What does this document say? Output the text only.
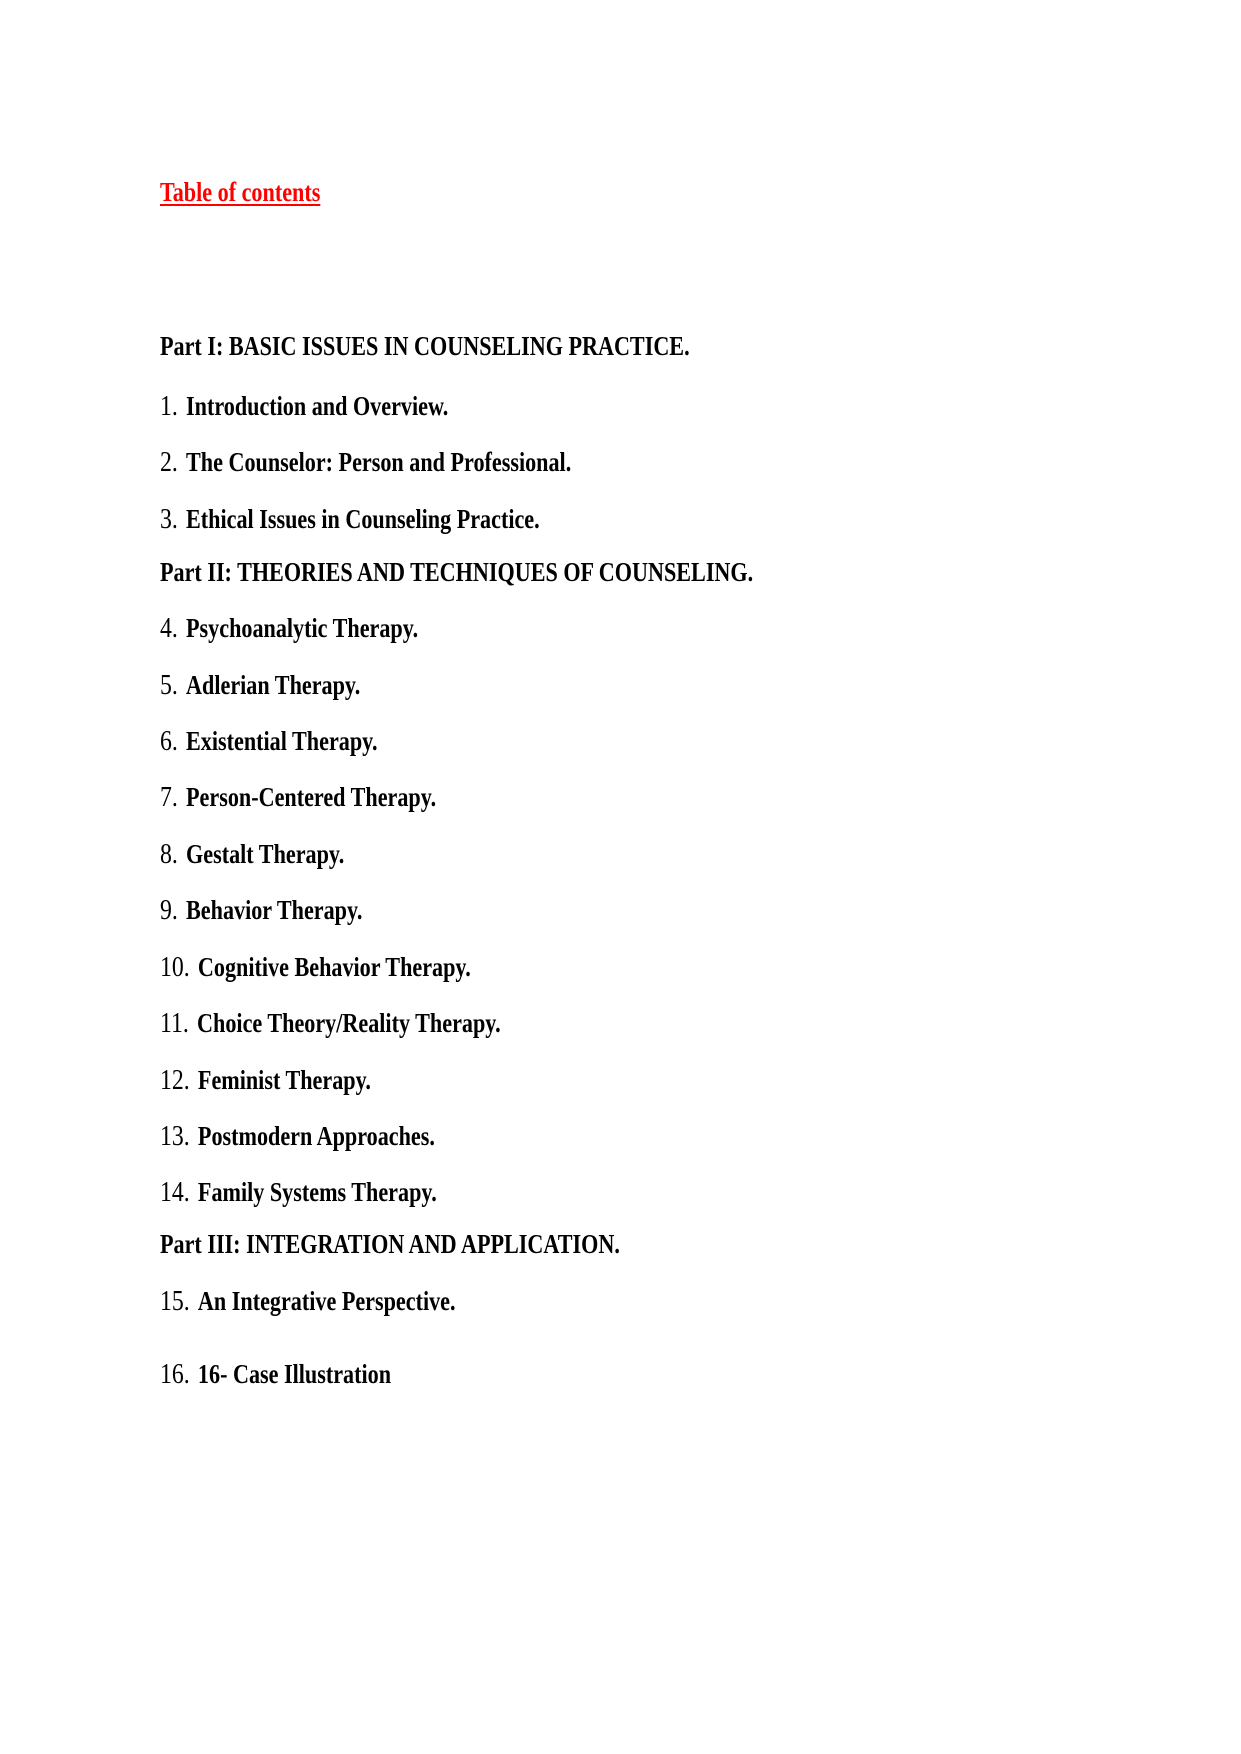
Table of contents
Part I: BASIC ISSUES IN COUNSELING PRACTICE.
1. Introduction and Overview.
2. The Counselor: Person and Professional.
3. Ethical Issues in Counseling Practice.
Part II: THEORIES AND TECHNIQUES OF COUNSELING.
4. Psychoanalytic Therapy.
5. Adlerian Therapy.
6. Existential Therapy.
7. Person-Centered Therapy.
8. Gestalt Therapy.
9. Behavior Therapy.
10. Cognitive Behavior Therapy.
11. Choice Theory/Reality Therapy.
12. Feminist Therapy.
13. Postmodern Approaches.
14. Family Systems Therapy.
Part III: INTEGRATION AND APPLICATION.
15. An Integrative Perspective.
16. 16- Case Illustration
